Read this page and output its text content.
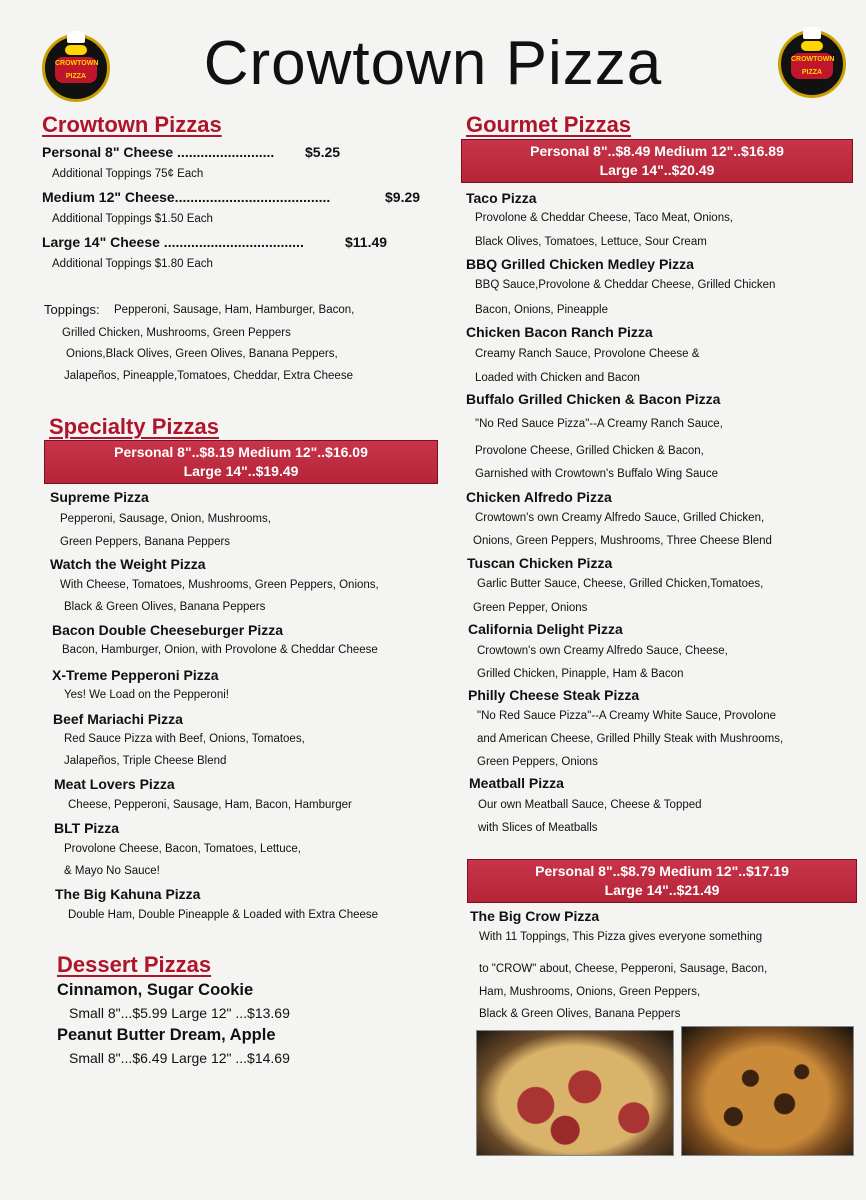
CROWTOWN PIZZA	Crowtown Pizza	CROWTOWN PIZZA
Crowtown Pizzas
Personal 8" Cheese ......................... $5.25
Additional Toppings 75¢ Each
Medium 12" Cheese........................................	$9.29
Additional Toppings $1.50 Each
Large 14" Cheese ....................................	$11.49
Additional Toppings $1.80 Each
Toppings: Pepperoni, Sausage, Ham, Hamburger, Bacon,
Grilled Chicken, Mushrooms, Green Peppers
Onions,Black Olives, Green Olives, Banana Peppers,
Jalapeños, Pineapple,Tomatoes, Cheddar, Extra Cheese
Specialty Pizzas
Personal 8"..$8.19 Medium 12"..$16.09
Large 14"..$19.49
Supreme Pizza
Pepperoni, Sausage, Onion, Mushrooms,
Green Peppers, Banana Peppers
Watch the Weight Pizza
With Cheese, Tomatoes, Mushrooms, Green Peppers, Onions,
Black & Green Olives, Banana Peppers
Bacon Double Cheeseburger Pizza
Bacon, Hamburger, Onion, with Provolone & Cheddar Cheese
X-Treme Pepperoni Pizza
Yes! We Load on the Pepperoni!
Beef Mariachi Pizza
Red Sauce Pizza with Beef, Onions, Tomatoes,
Jalapeños, Triple Cheese Blend
Meat Lovers Pizza
Cheese, Pepperoni, Sausage, Ham, Bacon, Hamburger
BLT Pizza
Provolone Cheese, Bacon, Tomatoes, Lettuce,
& Mayo No Sauce!
The Big Kahuna Pizza
Double Ham, Double Pineapple & Loaded with Extra Cheese
Dessert Pizzas
Cinnamon, Sugar Cookie
Small 8"...$5.99 Large 12" ...$13.69
Peanut Butter Dream, Apple
Small 8"...$6.49 Large 12" ...$14.69
Gourmet Pizzas
Personal 8"..$8.49 Medium 12"..$16.89
Large 14"..$20.49
Taco Pizza
Provolone & Cheddar Cheese, Taco Meat, Onions,
Black Olives, Tomatoes, Lettuce, Sour Cream
BBQ Grilled Chicken Medley Pizza
BBQ Sauce,Provolone & Cheddar Cheese, Grilled Chicken
Bacon, Onions, Pineapple
Chicken Bacon Ranch Pizza
Creamy Ranch Sauce, Provolone Cheese &
Loaded with Chicken and Bacon
Buffalo Grilled Chicken & Bacon Pizza
"No Red Sauce Pizza"--A Creamy Ranch Sauce,
Provolone Cheese, Grilled Chicken & Bacon,
Garnished with Crowtown's Buffalo Wing Sauce
Chicken Alfredo Pizza
Crowtown's own Creamy Alfredo Sauce, Grilled Chicken,
Onions, Green Peppers, Mushrooms, Three Cheese Blend
Tuscan Chicken Pizza
Garlic Butter Sauce, Cheese, Grilled Chicken,Tomatoes,
Green Pepper, Onions
California Delight Pizza
Crowtown's own Creamy Alfredo Sauce, Cheese,
Grilled Chicken, Pinapple, Ham & Bacon
Philly Cheese Steak Pizza
"No Red Sauce Pizza"--A Creamy White Sauce, Provolone
and American Cheese, Grilled Philly Steak with Mushrooms,
Green Peppers, Onions
Meatball Pizza
Our own Meatball Sauce, Cheese & Topped
with Slices of Meatballs
Personal 8"..$8.79 Medium 12"..$17.19
Large 14"..$21.49
The Big Crow Pizza
With 11 Toppings, This Pizza gives everyone something
to "CROW" about, Cheese, Pepperoni, Sausage, Bacon,
Ham, Mushrooms, Onions, Green Peppers,
Black & Green Olives, Banana Peppers
